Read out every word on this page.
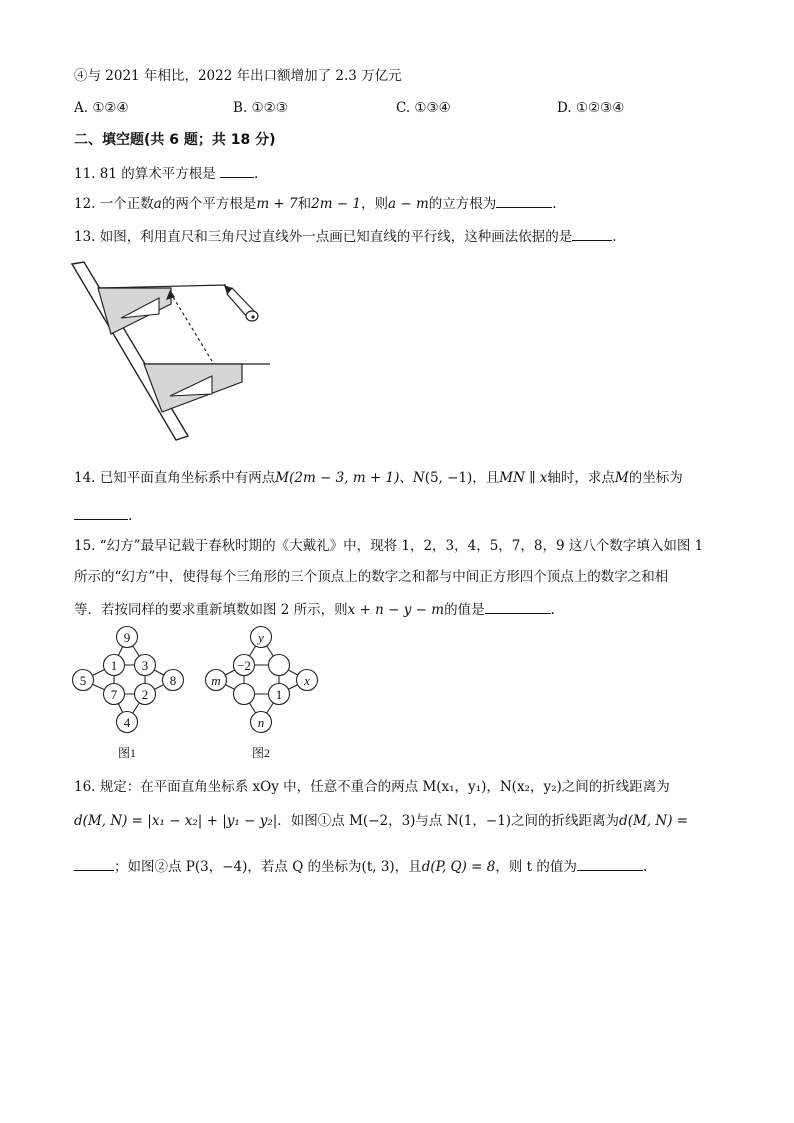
④与 2021 年相比，2022 年出口额增加了 2.3 万亿元
A. ①②④	B. ①②③	C. ①③④	D. ①②③④
二、填空题(共 6 题；共 18 分)
11. 81 的算术平方根是	.
12. 一个正数a的两个平方根是m + 7和2m − 1，则a − m的立方根为	.
13. 如图，利用直尺和三角尺过直线外一点画已知直线的平行线，这种画法依据的是	.
14. 已知平面直角坐标系中有两点M(2m − 3, m + 1)、N(5, −1)，且MN ∥ x轴时，求点M的坐标为
.
15. “幻方”最早记载于春秋时期的《大戴礼》中，现将 1，2，3，4，5，7，8，9 这八个数字填入如图 1
所示的“幻方”中，使得每个三角形的三个顶点上的数字之和都与中间正方形四个顶点上的数字之和相
等．若按同样的要求重新填数如图 2 所示，则x + n − y − m的值是	.
9
1 3
5	8
7 2
4
图1
y
−2
m	x
1
n
图2
16. 规定：在平面直角坐标系 xOy 中，任意不重合的两点 M(x₁，y₁)，N(x₂，y₂)之间的折线距离为
d(M, N) = |x₁ − x₂| + |y₁ − y₂|．如图①点 M(−2，3)与点 N(1，−1)之间的折线距离为d(M, N) =
；如图②点 P(3，−4)，若点 Q 的坐标为(t, 3)，且d(P, Q) = 8，则 t 的值为	.
